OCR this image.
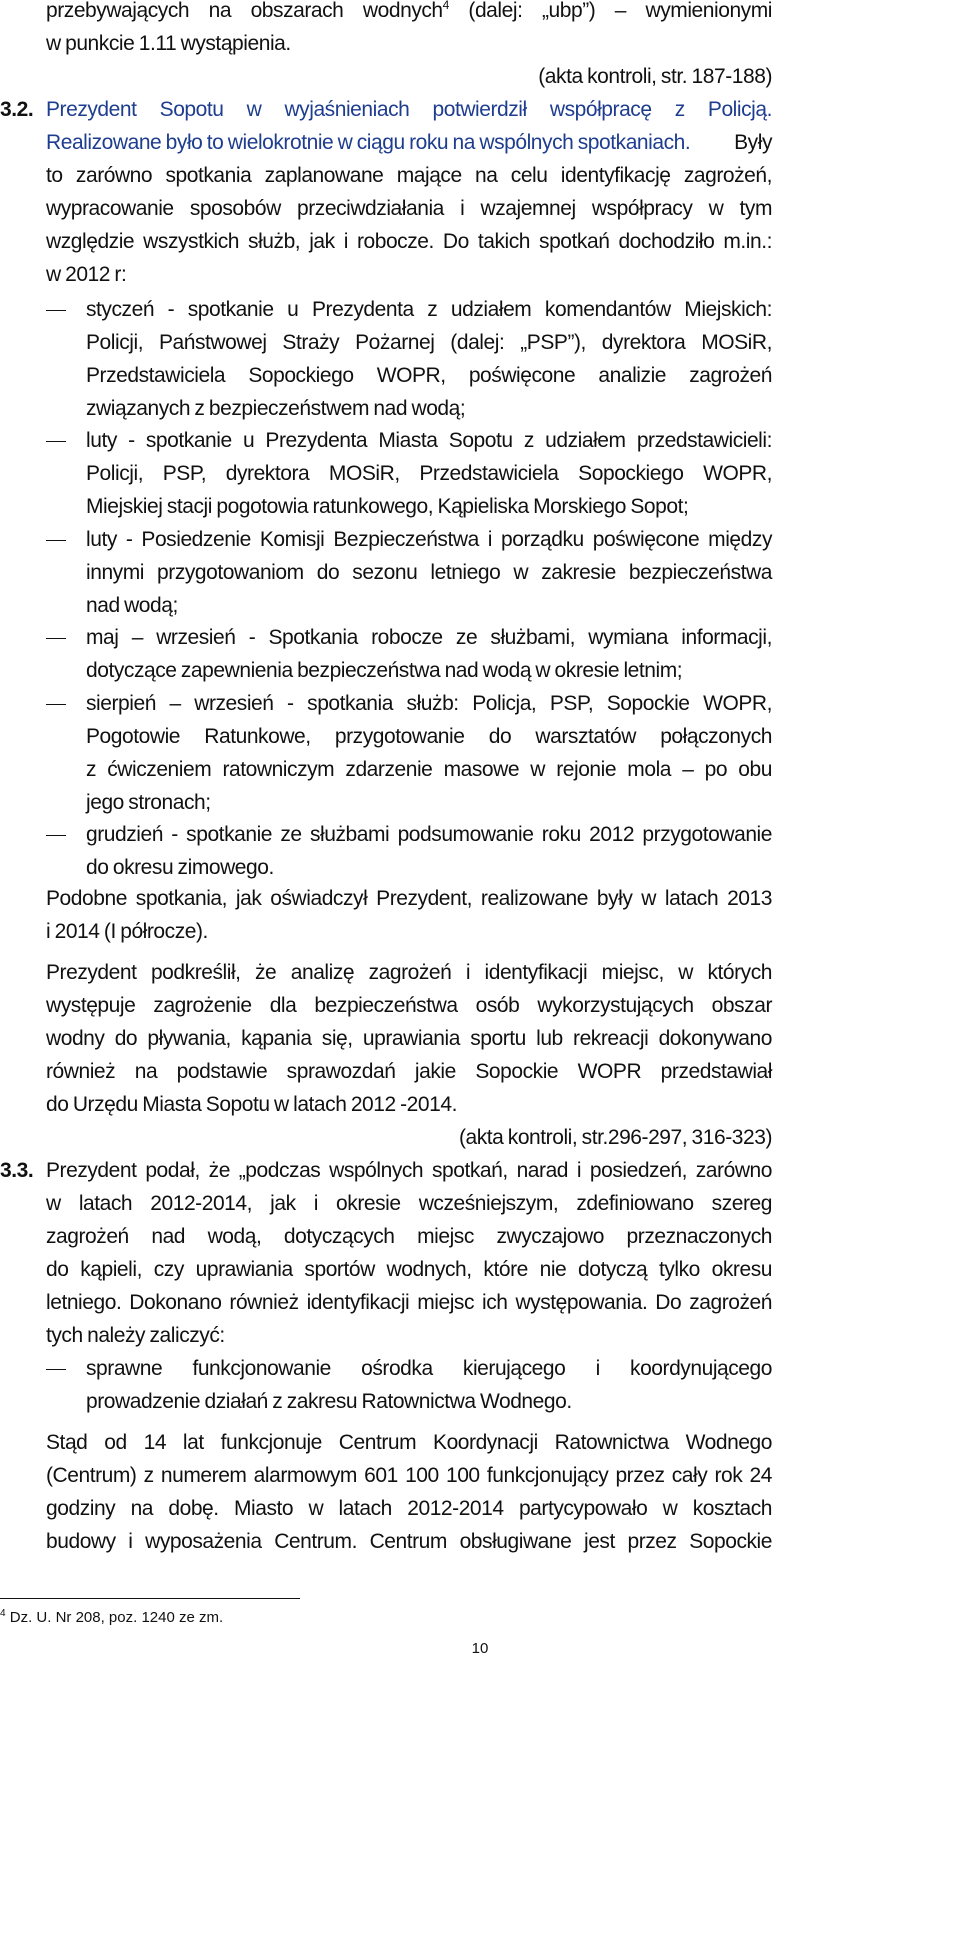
przebywających na obszarach wodnych$^4$ (dalej: „ubp”) – wymienionymi
w punkcie 1.11 wystąpienia.
(akta kontroli, str. 187-188)
3.2. Prezydent Sopotu w wyjaśnieniach potwierdził współpracę z Policją.
Realizowane było to wielokrotnie w ciągu roku na wspólnych spotkaniach.	Były
to zarówno spotkania zaplanowane mające na celu identyfikację zagrożeń,
wypracowanie sposobów przeciwdziałania i wzajemnej współpracy w tym
względzie wszystkich służb, jak i robocze. Do takich spotkań dochodziło m.in.:
w 2012 r:
styczeń - spotkanie u Prezydenta z udziałem komendantów Miejskich:
Policji, Państwowej Straży Pożarnej (dalej: „PSP”), dyrektora MOSiR,
Przedstawiciela Sopockiego WOPR, poświęcone analizie zagrożeń
związanych z bezpieczeństwem nad wodą;
luty - spotkanie u Prezydenta Miasta Sopotu z udziałem przedstawicieli:
Policji, PSP, dyrektora MOSiR, Przedstawiciela Sopockiego WOPR,
Miejskiej stacji pogotowia ratunkowego, Kąpieliska Morskiego Sopot;
luty - Posiedzenie Komisji Bezpieczeństwa i porządku poświęcone między
innymi przygotowaniom do sezonu letniego w zakresie bezpieczeństwa
nad wodą;
maj – wrzesień - Spotkania robocze ze służbami, wymiana informacji,
dotyczące zapewnienia bezpieczeństwa nad wodą w okresie letnim;
sierpień – wrzesień - spotkania służb: Policja, PSP, Sopockie WOPR,
Pogotowie Ratunkowe, przygotowanie do warsztatów połączonych
z ćwiczeniem ratowniczym zdarzenie masowe w rejonie mola – po obu
jego stronach;
grudzień - spotkanie ze służbami podsumowanie roku 2012 przygotowanie
do okresu zimowego.
Podobne spotkania, jak oświadczył Prezydent, realizowane były w latach 2013
i 2014 (I półrocze).
Prezydent podkreślił, że analizę zagrożeń i identyfikacji miejsc, w których
występuje zagrożenie dla bezpieczeństwa osób wykorzystujących obszar
wodny do pływania, kąpania się, uprawiania sportu lub rekreacji dokonywano
również na podstawie sprawozdań jakie Sopockie WOPR przedstawiał
do Urzędu Miasta Sopotu w latach 2012 -2014.
(akta kontroli, str.296-297, 316-323)
3.3. Prezydent podał, że „podczas wspólnych spotkań, narad i posiedzeń, zarówno
w latach 2012-2014, jak i okresie wcześniejszym, zdefiniowano szereg
zagrożeń nad wodą, dotyczących miejsc zwyczajowo przeznaczonych
do kąpieli, czy uprawiania sportów wodnych, które nie dotyczą tylko okresu
letniego. Dokonano również identyfikacji miejsc ich występowania. Do zagrożeń
tych należy zaliczyć:
sprawne funkcjonowanie ośrodka kierującego i koordynującego
prowadzenie działań z zakresu Ratownictwa Wodnego.
Stąd od 14 lat funkcjonuje Centrum Koordynacji Ratownictwa Wodnego
(Centrum) z numerem alarmowym 601 100 100 funkcjonujący przez cały rok 24
godziny na dobę. Miasto w latach 2012-2014 partycypowało w kosztach
budowy i wyposażenia Centrum. Centrum obsługiwane jest przez Sopockie
$^4$ Dz. U. Nr 208, poz. 1240 ze zm.
10
